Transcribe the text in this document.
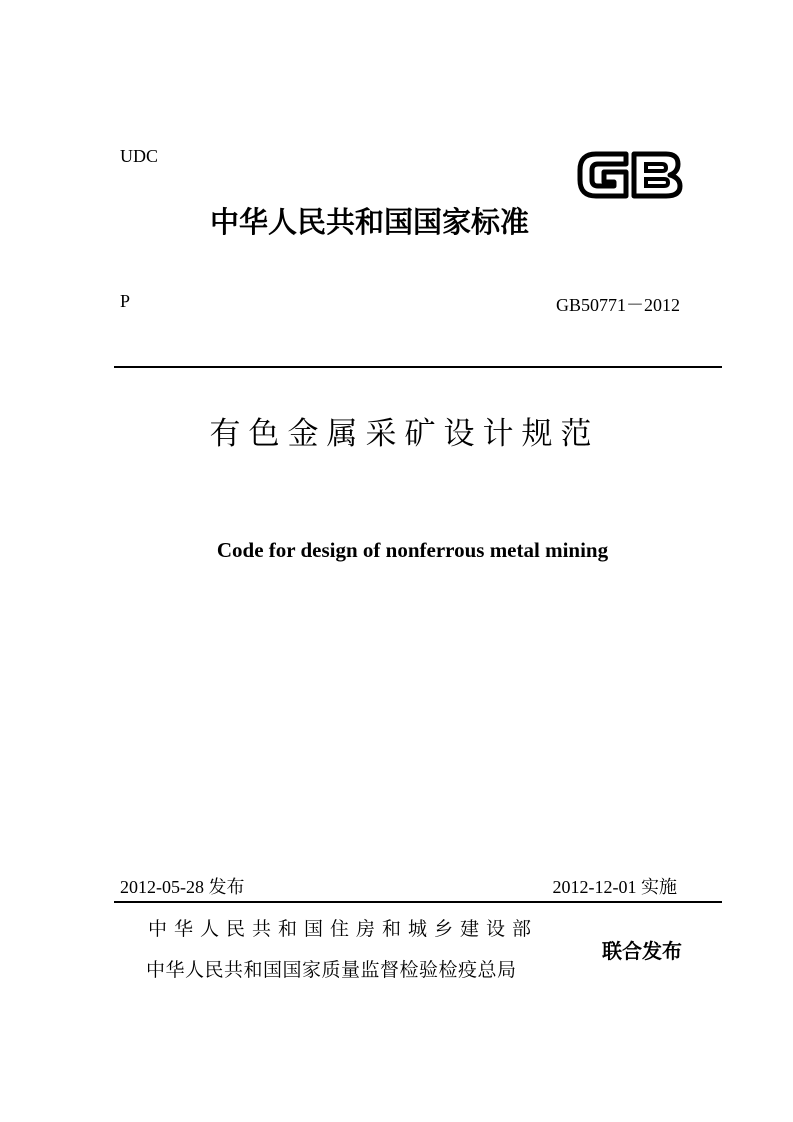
UDC
中华人民共和国国家标准
P	GB50771－2012
有色金属采矿设计规范
Code for design of nonferrous metal mining
2012-05-28 发布	2012-12-01 实施
中华人民共和国住房和城乡建设部
中华人民共和国国家质量监督检验检疫总局
联合发布
